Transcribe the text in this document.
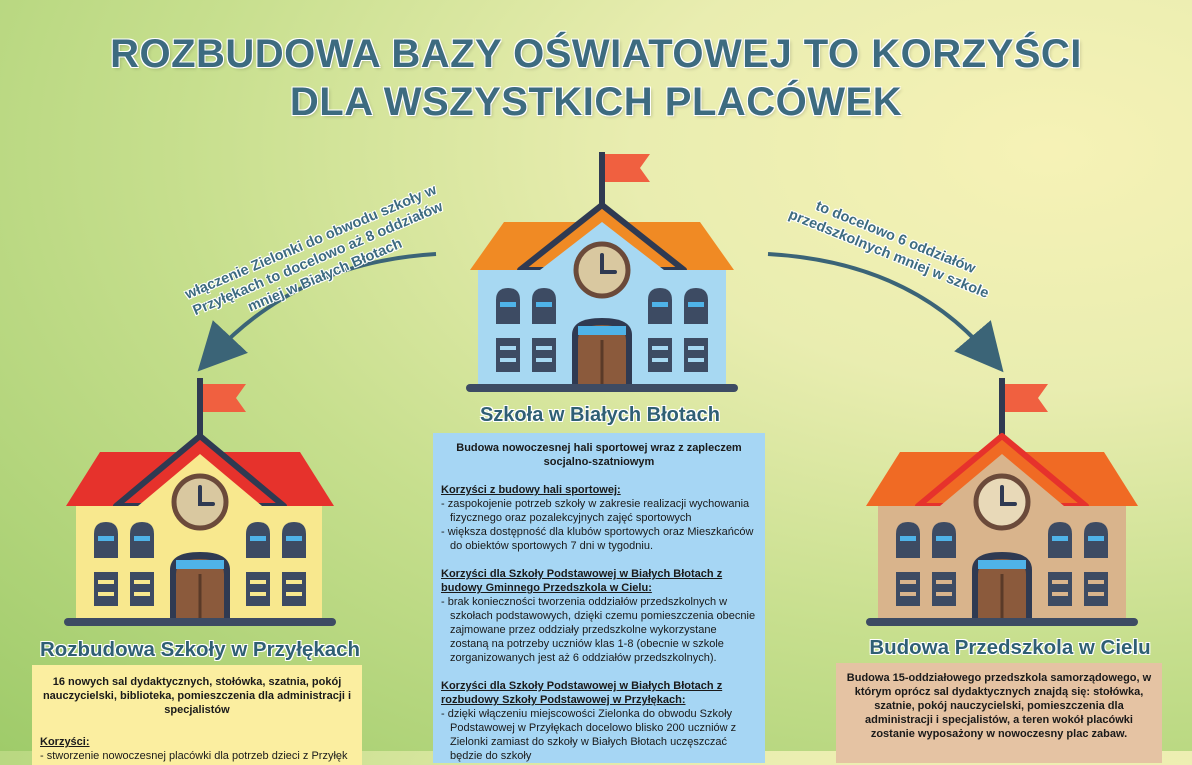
ROZBUDOWA BAZY OŚWIATOWEJ TO KORZYŚCI
DLA WSZYSTKICH PLACÓWEK
włączenie Zielonki do obwodu szkoły w Przyłękach to docelowo aż 8 oddziałów mniej w Białych Błotach	to docelowo 6 oddziałów przedszkolnych mniej w szkole
Szkoła w Białych Błotach
Rozbudowa Szkoły w Przyłękach	Budowa Przedszkola w Cielu

Budowa nowoczesnej hali sportowej wraz z zapleczem socjalno-szatniowym

Korzyści z budowy hali sportowej:

- zaspokojenie potrzeb szkoły w zakresie realizacji wychowania fizycznego oraz pozalekcyjnych zajęć sportowych

- większa dostępność dla klubów sportowych oraz Mieszkańców do obiektów sportowych 7 dni w tygodniu.

Korzyści dla Szkoły Podstawowej w Białych Błotach z budowy Gminnego Przedszkola w Cielu:

- brak konieczności tworzenia oddziałów przedszkolnych w szkołach podstawowych, dzięki czemu pomieszczenia obecnie zajmowane przez oddziały przedszkolne wykorzystane zostaną na potrzeby uczniów klas 1-8 (obecnie w szkole zorganizowanych jest aż 6 oddziałów przedszkolnych).

Korzyści dla Szkoły Podstawowej w Białych Błotach z rozbudowy Szkoły Podstawowej w Przyłękach:

- dzięki włączeniu miejscowości Zielonka do obwodu Szkoły Podstawowej w Przyłękach docelowo blisko 200 uczniów z Zielonki zamiast do szkoły w Białych Błotach uczęszczać będzie do szkoły

16 nowych sal dydaktycznych, stołówka, szatnia, pokój nauczycielski, biblioteka, pomieszczenia dla administracji i specjalistów

Korzyści:

- stworzenie nowoczesnej placówki dla potrzeb dzieci z Przyłęk

Budowa 15-oddziałowego przedszkola samorządowego, w którym oprócz sal dydaktycznych znajdą się: stołówka, szatnie, pokój nauczycielski, pomieszczenia dla administracji i specjalistów, a teren wokół placówki zostanie wyposażony w nowoczesny plac zabaw.
